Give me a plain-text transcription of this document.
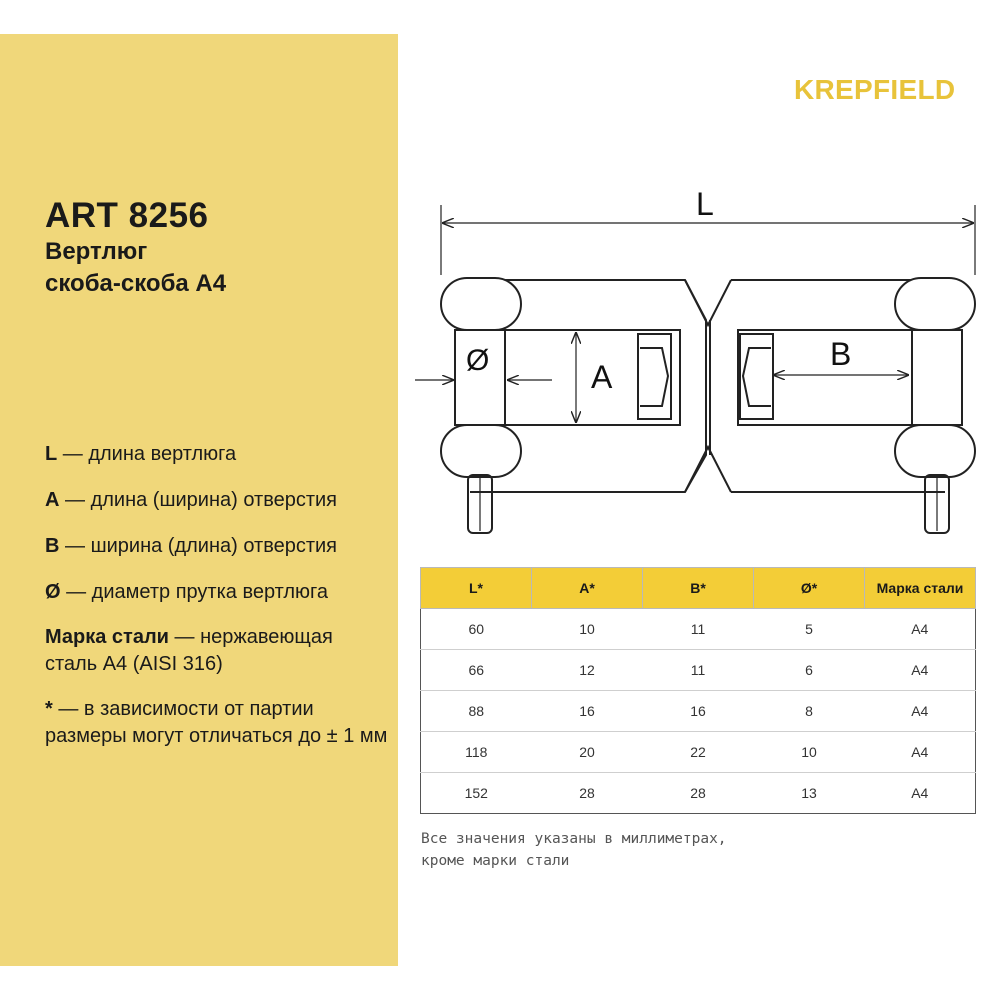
ART 8256
Вертлюг
скоба-скоба А4
L — длина вертлюга
A — длина (ширина) отверстия
B — ширина (длина) отверстия
Ø — диаметр прутка вертлюга
Марка стали — нержавеющая сталь А4 (AISI 316)
* — в зависимости от партии размеры могут отличаться до ± 1 мм
KREPFIELD
L
A
B
Ø
L*	A*	B*	Ø*	Марка стали
60	10	11	5	А4
66	12	11	6	А4
88	16	16	8	А4
118	20	22	10	А4
152	28	28	13	А4
Все значения указаны в миллиметрах,
кроме марки стали
